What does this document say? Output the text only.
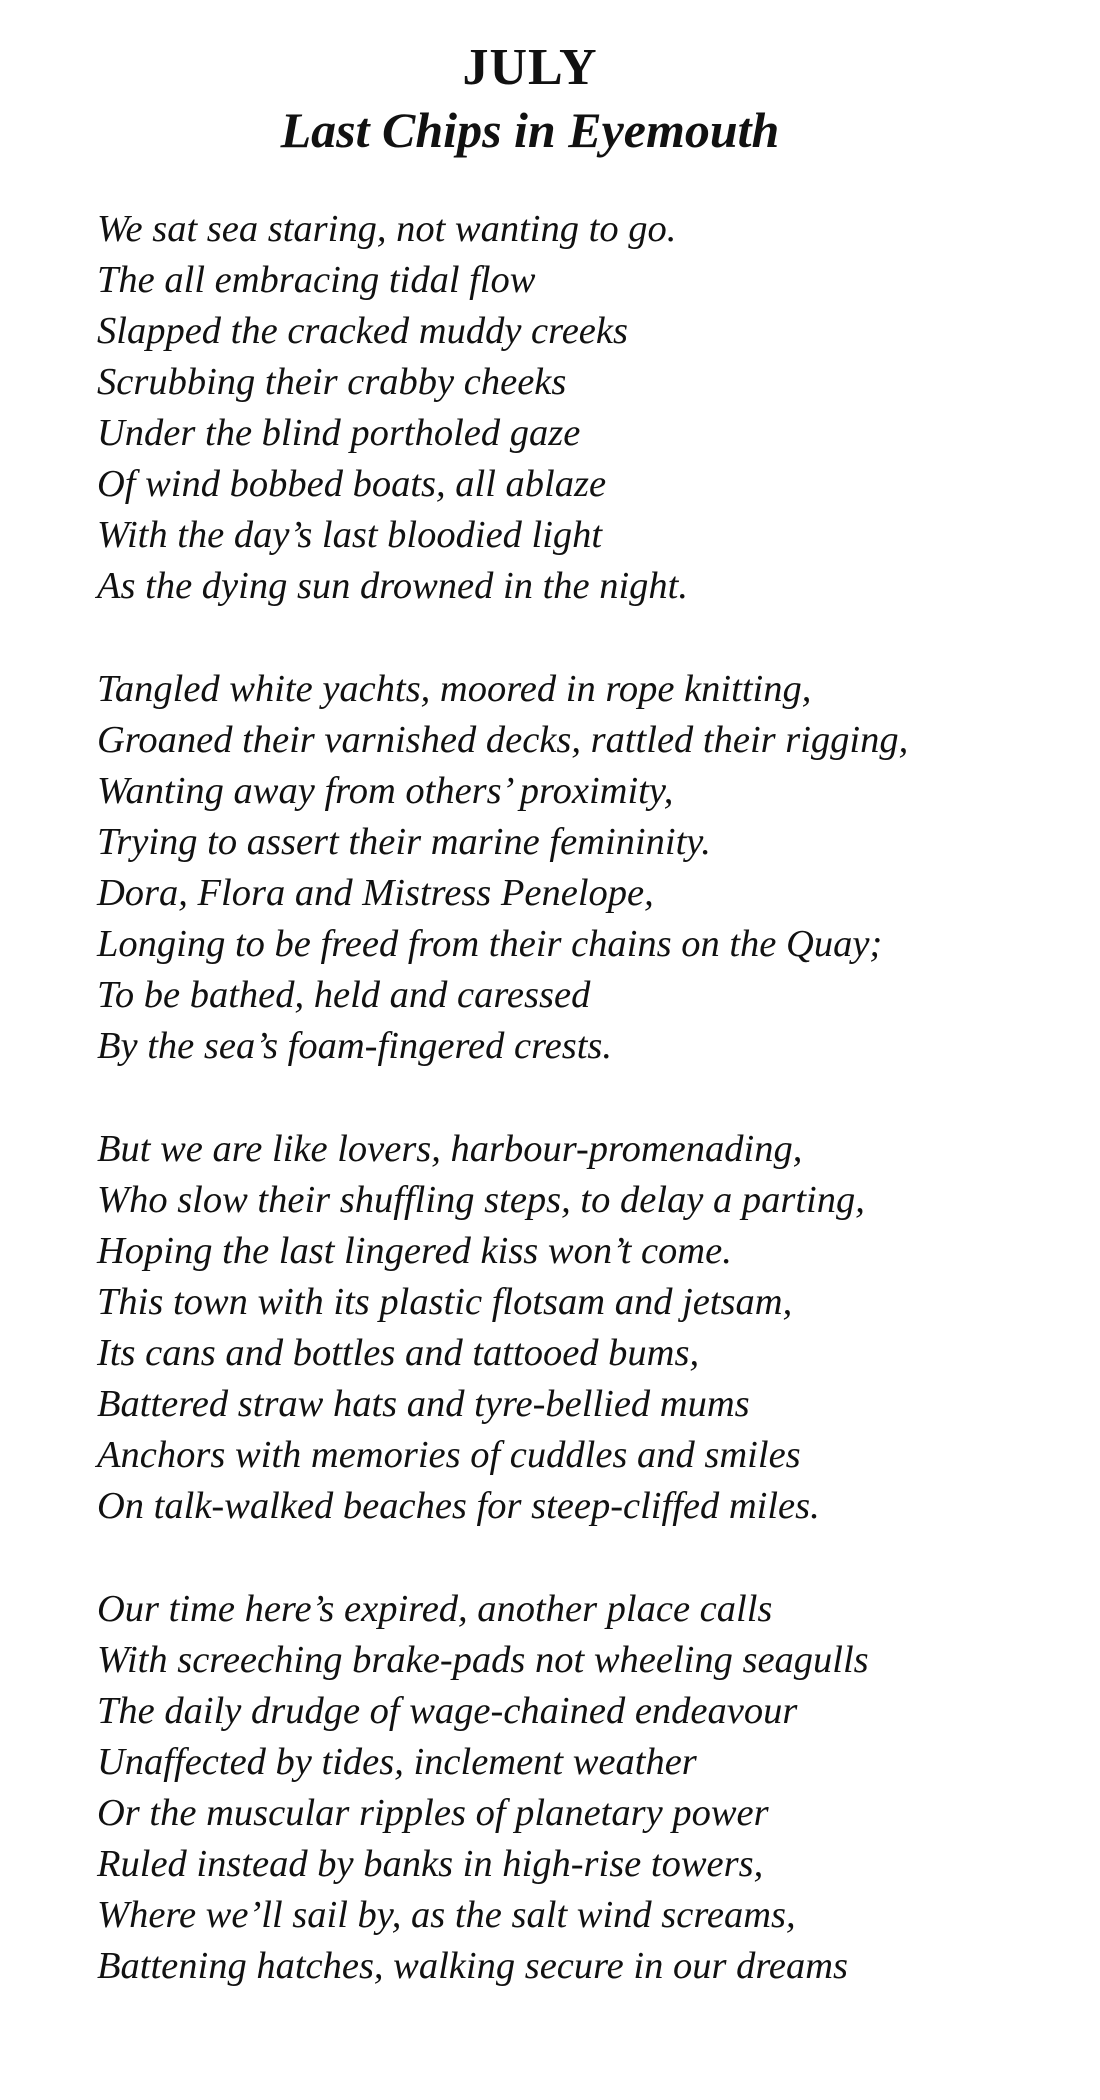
JULY
Last Chips in Eyemouth
We sat sea staring, not wanting to go.
The all embracing tidal flow
Slapped the cracked muddy creeks
Scrubbing their crabby cheeks
Under the blind portholed gaze
Of wind bobbed boats, all ablaze
With the day’s last bloodied light
As the dying sun drowned in the night.
Tangled white yachts, moored in rope knitting,
Groaned their varnished decks, rattled their rigging,
Wanting away from others’ proximity,
Trying to assert their marine femininity.
Dora, Flora and Mistress Penelope,
Longing to be freed from their chains on the Quay;
To be bathed, held and caressed
By the sea’s foam-fingered crests.
But we are like lovers, harbour-promenading,
Who slow their shuffling steps, to delay a parting,
Hoping the last lingered kiss won’t come.
This town with its plastic flotsam and jetsam,
Its cans and bottles and tattooed bums,
Battered straw hats and tyre-bellied mums
Anchors with memories of cuddles and smiles
On talk-walked beaches for steep-cliffed miles.
Our time here’s expired, another place calls
With screeching brake-pads not wheeling seagulls
The daily drudge of wage-chained endeavour
Unaffected by tides, inclement weather
Or the muscular ripples of planetary power
Ruled instead by banks in high-rise towers,
Where we’ll sail by, as the salt wind screams,
Battening hatches, walking secure in our dreams
